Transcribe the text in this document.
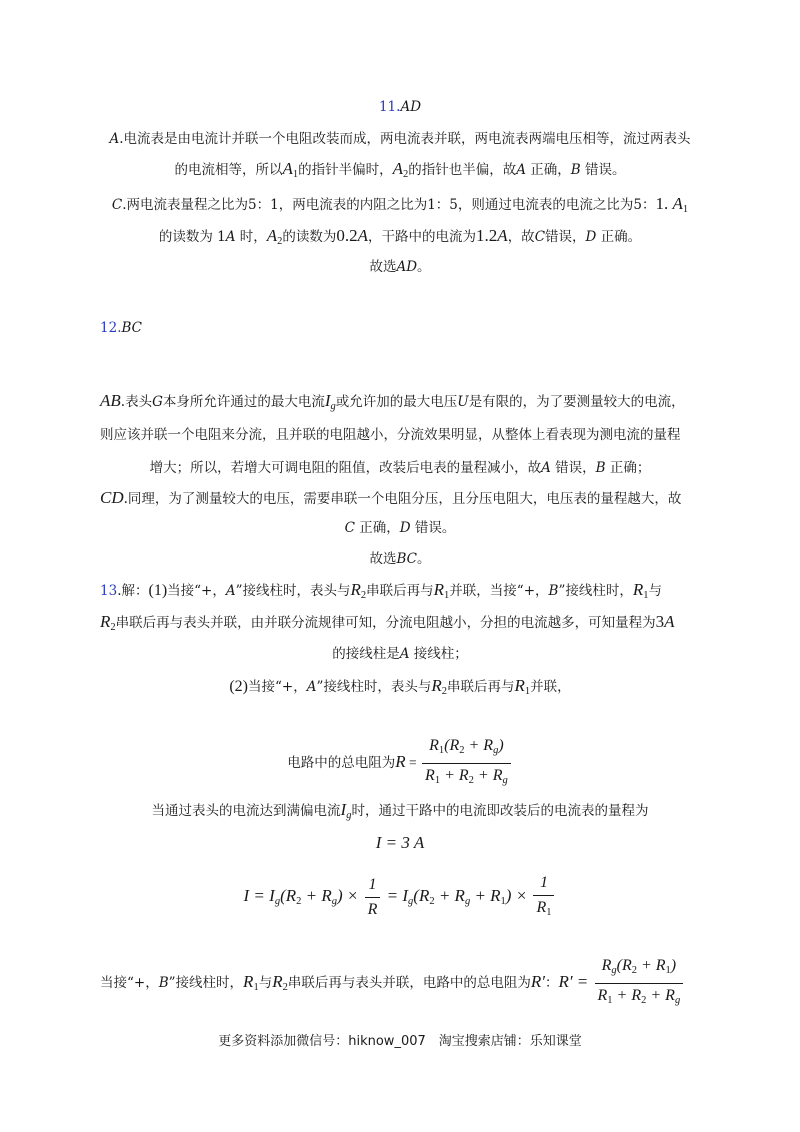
11.AD
A.电流表是由电流计并联一个电阻改装而成，两电流表并联，两电流表两端电压相等，流过两表头
的电流相等，所以$A_1$的指针半偏时，$A_2$的指针也半偏，故A 正确，B 错误。
C.两电流表量程之比为5：1，两电流表的内阻之比为1：5，则通过电流表的电流之比为5：1. $A_1$
的读数为 1A 时，$A_2$的读数为0.2A，干路中的电流为1.2A，故C错误，D 正确。
故选AD。
12.BC
AB.表头G本身所允许通过的最大电流Ig或允许加的最大电压U是有限的，为了要测量较大的电流，
则应该并联一个电阻来分流，且并联的电阻越小，分流效果明显，从整体上看表现为测电流的量程
增大；所以，若增大可调电阻的阻值，改装后电表的量程减小，故A 错误，B 正确；
CD.同理，为了测量较大的电压，需要串联一个电阻分压，且分压电阻大，电压表的量程越大，故
C 正确，D 错误。
故选BC。
13.解：(1)当接“+，A”接线柱时，表头与$R_2$串联后再与$R_1$并联，当接“+，B”接线柱时，$R_1$与
$R_2$串联后再与表头并联，由并联分流规律可知，分流电阻越小，分担的电流越多，可知量程为3A
的接线柱是A 接线柱；
(2)当接“+，A”接线柱时，表头与$R_2$串联后再与$R_1$并联，
电路中的总电阻为$R = \frac{R_1(R_2 + Rg)}{R_1 + R_2 + Rg}$
当通过表头的电流达到满偏电流Ig时，通过干路中的电流即改装后的电流表的量程为
I = 3 A
$I = Ig(R_2 + Rg) \times \frac{1}{R} = Ig(R_2 + Rg + R_1) \times \frac{1}{R_1}$
当接“+，B”接线柱时，$R_1$与$R_2$串联后再与表头并联，电路中的总电阻为R′：$R' = \frac{Rg(R_2 + R_1)}{R_1 + R_2 + Rg}$
更多资料添加微信号：hiknow_007　淘宝搜索店铺：乐知课堂
